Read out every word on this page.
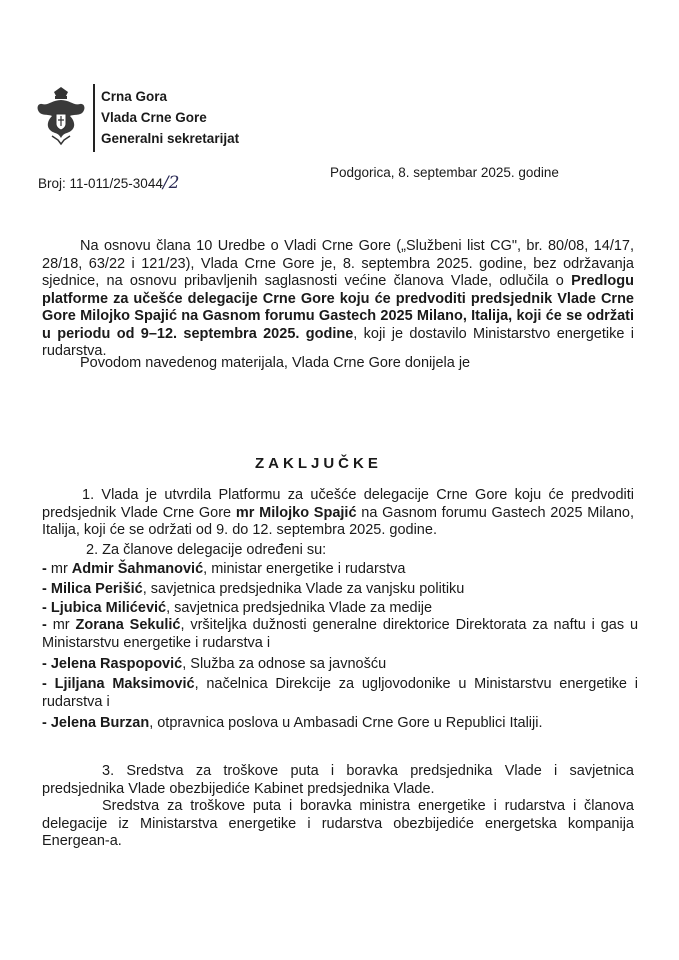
Crna Gora
Vlada Crne Gore
Generalni sekretarijat
Broj: 11-011/25-3044/2
Podgorica, 8. septembar 2025. godine
Na osnovu člana 10 Uredbe o Vladi Crne Gore („Službeni list CG", br. 80/08, 14/17, 28/18, 63/22 i 121/23), Vlada Crne Gore je, 8. septembra 2025. godine, bez održavanja sjednice, na osnovu pribavljenih saglasnosti većine članova Vlade, odlučila o Predlogu platforme za učešće delegacije Crne Gore koju će predvoditi predsjednik Vlade Crne Gore Milojko Spajić na Gasnom forumu Gastech 2025 Milano, Italija, koji će se održati u periodu od 9–12. septembra 2025. godine, koji je dostavilo Ministarstvo energetike i rudarstva.
Povodom navedenog materijala, Vlada Crne Gore donijela je
ZAKLJUČKE
1. Vlada je utvrdila Platformu za učešće delegacije Crne Gore koju će predvoditi predsjednik Vlade Crne Gore mr Milojko Spajić na Gasnom forumu Gastech 2025 Milano, Italija, koji će se održati od 9. do 12. septembra 2025. godine.
2. Za članove delegacije određeni su:
- mr Admir Šahmanović, ministar energetike i rudarstva
- Milica Perišić, savjetnica predsjednika Vlade za vanjsku politiku
- Ljubica Milićević, savjetnica predsjednika Vlade za medije
- mr Zorana Sekulić, vršiteljka dužnosti generalne direktorice Direktorata za naftu i gas u Ministarstvu energetike i rudarstva i
- Jelena Raspopović, Služba za odnose sa javnošću
- Ljiljana Maksimović, načelnica Direkcije za ugljovodonike u Ministarstvu energetike i rudarstva i
- Jelena Burzan, otpravnica poslova u Ambasadi Crne Gore u Republici Italiji.
3. Sredstva za troškove puta i boravka predsjednika Vlade i savjetnica predsjednika Vlade obezbijediće Kabinet predsjednika Vlade.
Sredstva za troškove puta i boravka ministra energetike i rudarstva i članova delegacije iz Ministarstva energetike i rudarstva obezbijediće energetska kompanija Energean-a.
